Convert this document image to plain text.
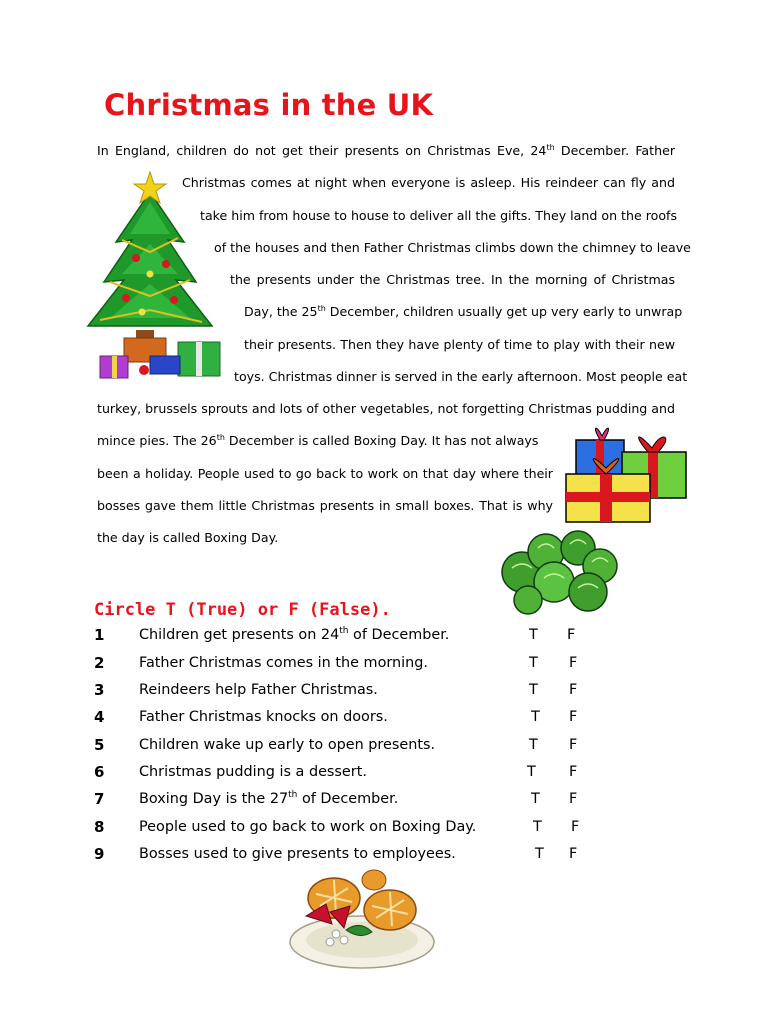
Christmas in the UK
In England, children do not get their presents on Christmas Eve, 24th December. Father
Christmas comes at night when everyone is asleep. His reindeer can fly and
take him from house to house to deliver all the gifts. They land on the roofs
of the houses and then Father Christmas climbs down the chimney to leave
the presents under the Christmas tree. In the morning of Christmas
Day, the 25th December, children usually get up very early to unwrap
their presents. Then they have plenty of time to play with their new
toys. Christmas dinner is served in the early afternoon. Most people eat
turkey, brussels sprouts and lots of other vegetables, not forgetting Christmas pudding and
mince pies. The 26th December is called Boxing Day. It has not always
been a holiday. People used to go back to work on that day where their
bosses gave them little Christmas presents in small boxes. That is why
the day is called Boxing Day.
Circle T (True) or F (False).
1 Children get presents on 24th of December.	T F
2 Father Christmas comes in the morning.	T F
3 Reindeers help Father Christmas.	T F
4 Father Christmas knocks on doors.	T F
5 Children wake up early to open presents.	T F
6 Christmas pudding is a dessert.	T F
7 Boxing Day is the 27th of December.	T F
8 People used to go back to work on Boxing Day.	T F
9 Bosses used to give presents to employees.	T F
